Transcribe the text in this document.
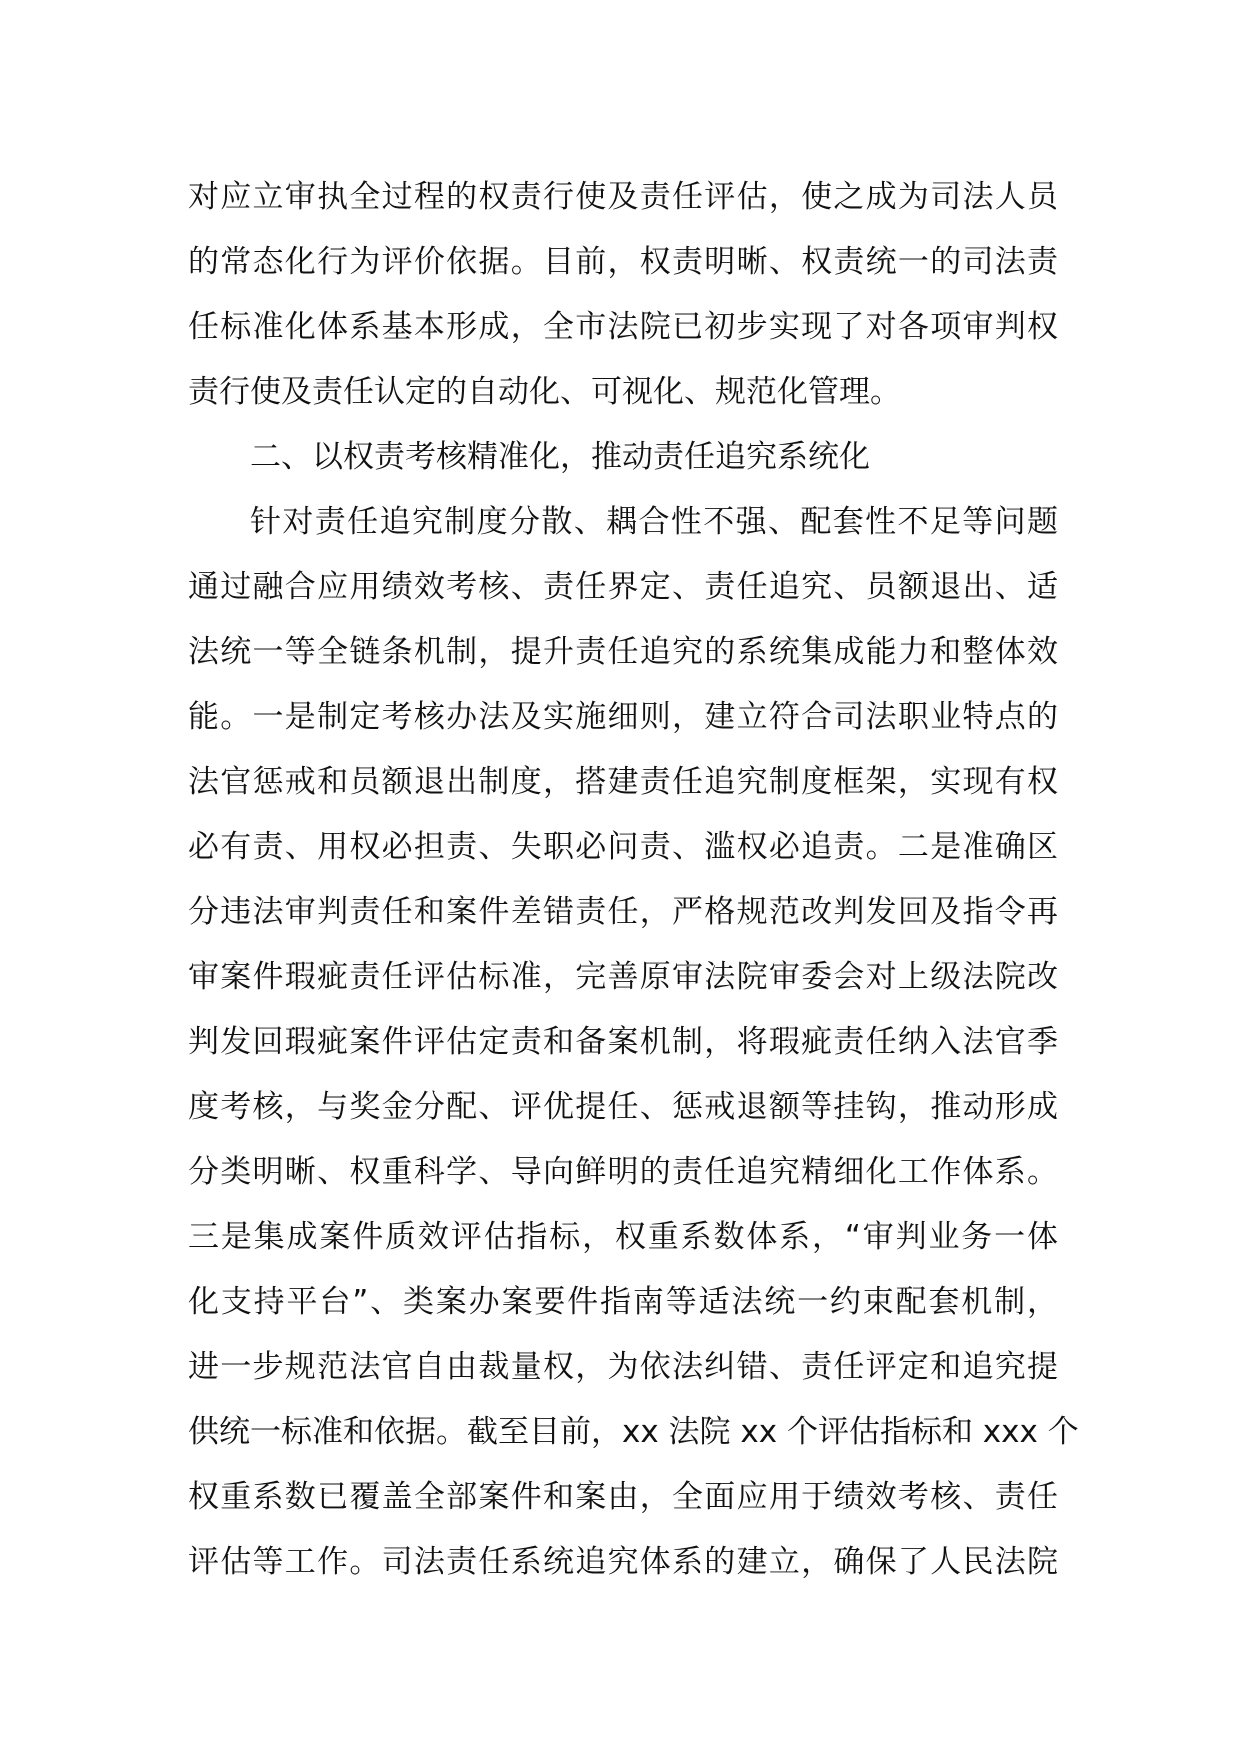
对应立审执全过程的权责行使及责任评估，使之成为司法人员
的常态化行为评价依据。目前，权责明晰、权责统一的司法责
任标准化体系基本形成，全市法院已初步实现了对各项审判权
责行使及责任认定的自动化、可视化、规范化管理。
二、以权责考核精准化，推动责任追究系统化
针对责任追究制度分散、耦合性不强、配套性不足等问题
通过融合应用绩效考核、责任界定、责任追究、员额退出、适
法统一等全链条机制，提升责任追究的系统集成能力和整体效
能。一是制定考核办法及实施细则，建立符合司法职业特点的
法官惩戒和员额退出制度，搭建责任追究制度框架，实现有权
必有责、用权必担责、失职必问责、滥权必追责。二是准确区
分违法审判责任和案件差错责任，严格规范改判发回及指令再
审案件瑕疵责任评估标准，完善原审法院审委会对上级法院改
判发回瑕疵案件评估定责和备案机制，将瑕疵责任纳入法官季
度考核，与奖金分配、评优提任、惩戒退额等挂钩，推动形成
分类明晰、权重科学、导向鲜明的责任追究精细化工作体系。
三是集成案件质效评估指标，权重系数体系，“审判业务一体
化支持平台”、类案办案要件指南等适法统一约束配套机制，
进一步规范法官自由裁量权，为依法纠错、责任评定和追究提
供统一标准和依据。截至目前，xx 法院 xx 个评估指标和 xxx 个
权重系数已覆盖全部案件和案由，全面应用于绩效考核、责任
评估等工作。司法责任系统追究体系的建立，确保了人民法院
